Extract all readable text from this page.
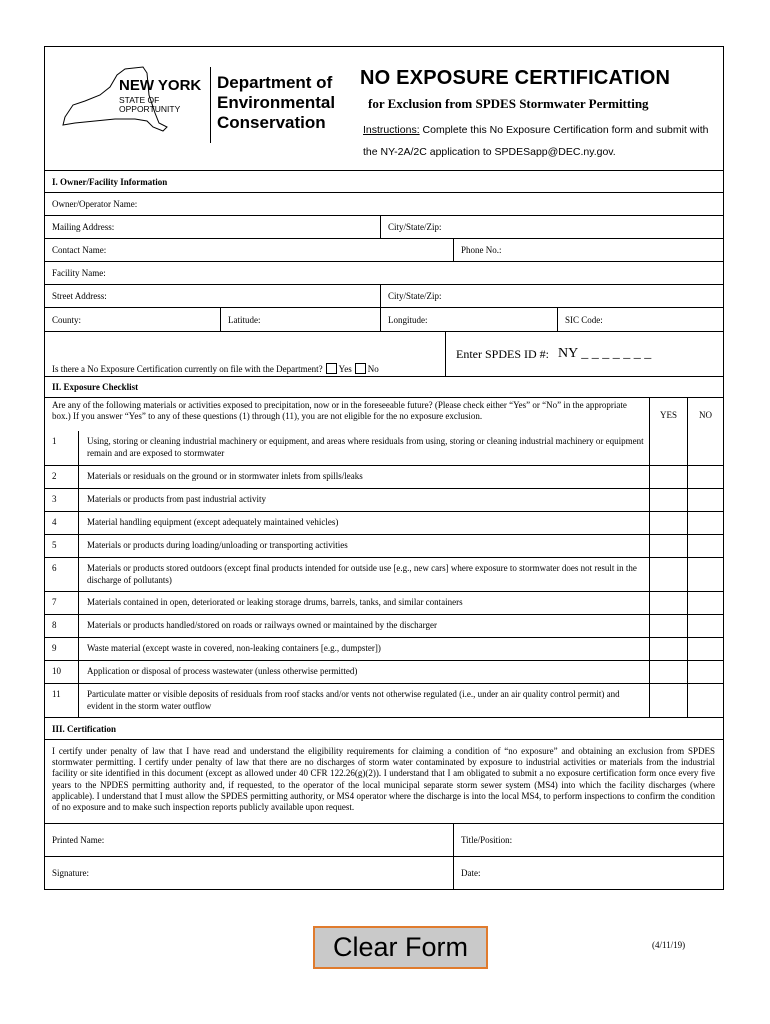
NEW YORK
STATE OF
OPPORTUNITY
Department of
Environmental
Conservation
NO EXPOSURE CERTIFICATION
for Exclusion from SPDES Stormwater Permitting
Instructions: Complete this No Exposure Certification form and submit with the NY-2A/2C application to SPDESapp@DEC.ny.gov.
I. Owner/Facility Information
Owner/Operator Name:
Mailing Address:	City/State/Zip:
Contact Name:	Phone No.:
Facility Name:
Street Address:	City/State/Zip:
County:	Latitude:	Longitude:	SIC Code:
Is there a No Exposure Certification currently on file with the Department? Yes No
Enter SPDES ID #: NY _ _ _ _ _ _ _
II. Exposure Checklist
Are any of the following materials or activities exposed to precipitation, now or in the foreseeable future? (Please check either “Yes” or “No” in the appropriate box.) If you answer “Yes” to any of these questions (1) through (11), you are not eligible for the no exposure exclusion.	YES	NO
1	Using, storing or cleaning industrial machinery or equipment, and areas where residuals from using, storing or cleaning industrial machinery or equipment remain and are exposed to stormwater
2	Materials or residuals on the ground or in stormwater inlets from spills/leaks
3	Materials or products from past industrial activity
4	Material handling equipment (except adequately maintained vehicles)
5	Materials or products during loading/unloading or transporting activities
6	Materials or products stored outdoors (except final products intended for outside use [e.g., new cars] where exposure to stormwater does not result in the discharge of pollutants)
7	Materials contained in open, deteriorated or leaking storage drums, barrels, tanks, and similar containers
8	Materials or products handled/stored on roads or railways owned or maintained by the discharger
9	Waste material (except waste in covered, non-leaking containers [e.g., dumpster])
10	Application or disposal of process wastewater (unless otherwise permitted)
11	Particulate matter or visible deposits of residuals from roof stacks and/or vents not otherwise regulated (i.e., under an air quality control permit) and evident in the storm water outflow
III. Certification
I certify under penalty of law that I have read and understand the eligibility requirements for claiming a condition of “no exposure” and obtaining an exclusion from SPDES stormwater permitting. I certify under penalty of law that there are no discharges of storm water contaminated by exposure to industrial activities or materials from the industrial facility or site identified in this document (except as allowed under 40 CFR 122.26(g)(2)). I understand that I am obligated to submit a no exposure certification form once every five years to the NPDES permitting authority and, if requested, to the operator of the local municipal separate storm sewer system (MS4) into which the facility discharges (where applicable). I understand that I must allow the SPDES permitting authority, or MS4 operator where the discharge is into the local MS4, to perform inspections to confirm the condition of no exposure and to make such inspection reports publicly available upon request.
Printed Name:	Title/Position:
Signature:	Date:
Clear Form	(4/11/19)
